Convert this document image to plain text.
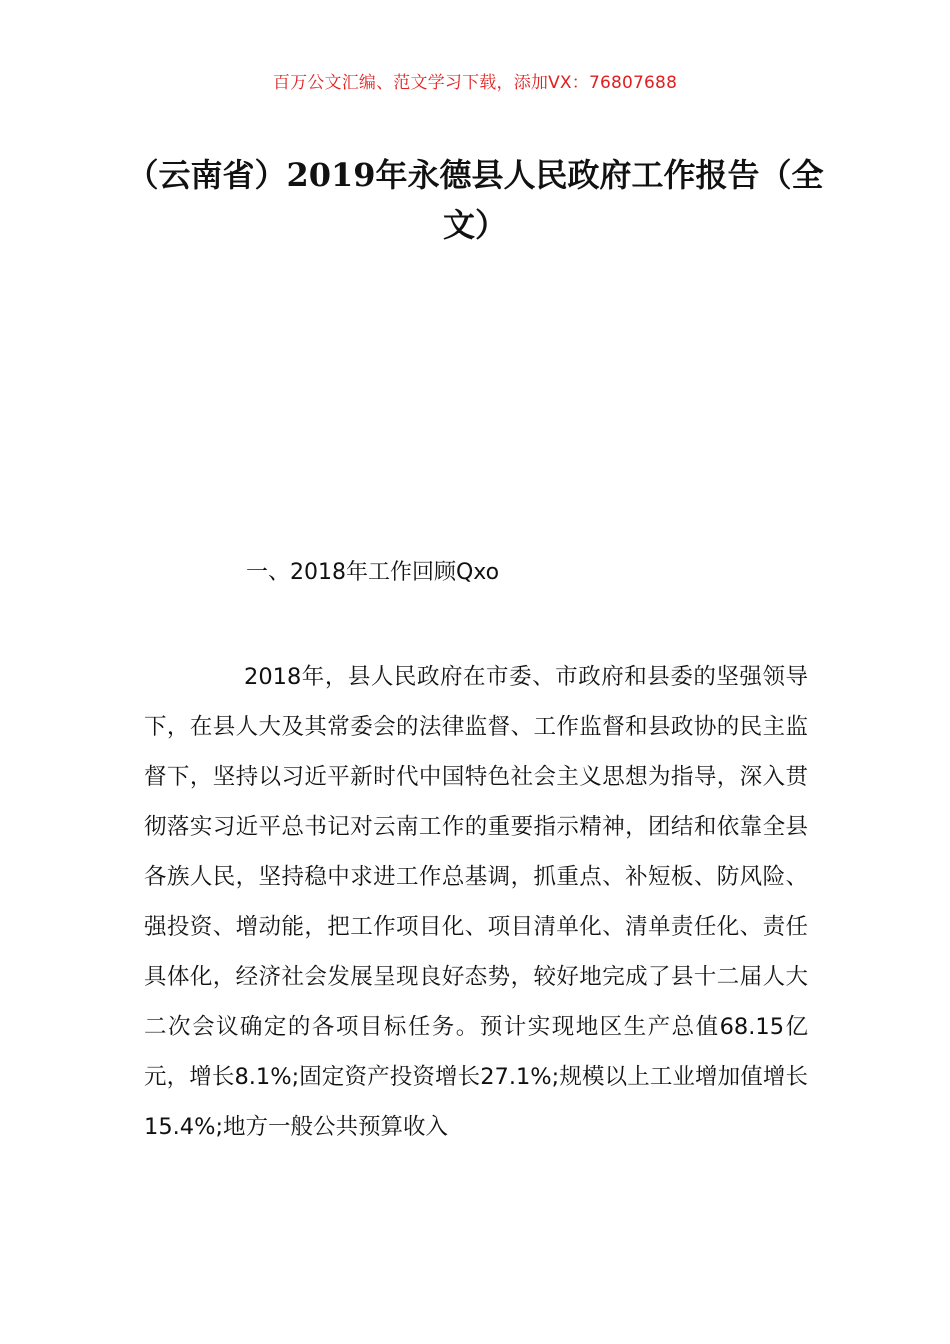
百万公文汇编、范文学习下载，添加VX：76807688
（云南省）2019年永德县人民政府工作报告（全文）
一、2018年工作回顾Qxo
2018年，县人民政府在市委、市政府和县委的坚强领导下，在县人大及其常委会的法律监督、工作监督和县政协的民主监督下，坚持以习近平新时代中国特色社会主义思想为指导，深入贯彻落实习近平总书记对云南工作的重要指示精神，团结和依靠全县各族人民，坚持稳中求进工作总基调，抓重点、补短板、防风险、强投资、增动能，把工作项目化、项目清单化、清单责任化、责任具体化，经济社会发展呈现良好态势，较好地完成了县十二届人大二次会议确定的各项目标任务。预计实现地区生产总值68.15亿元，增长8.1%;固定资产投资增长27.1%;规模以上工业增加值增长15.4%;地方一般公共预算收入
